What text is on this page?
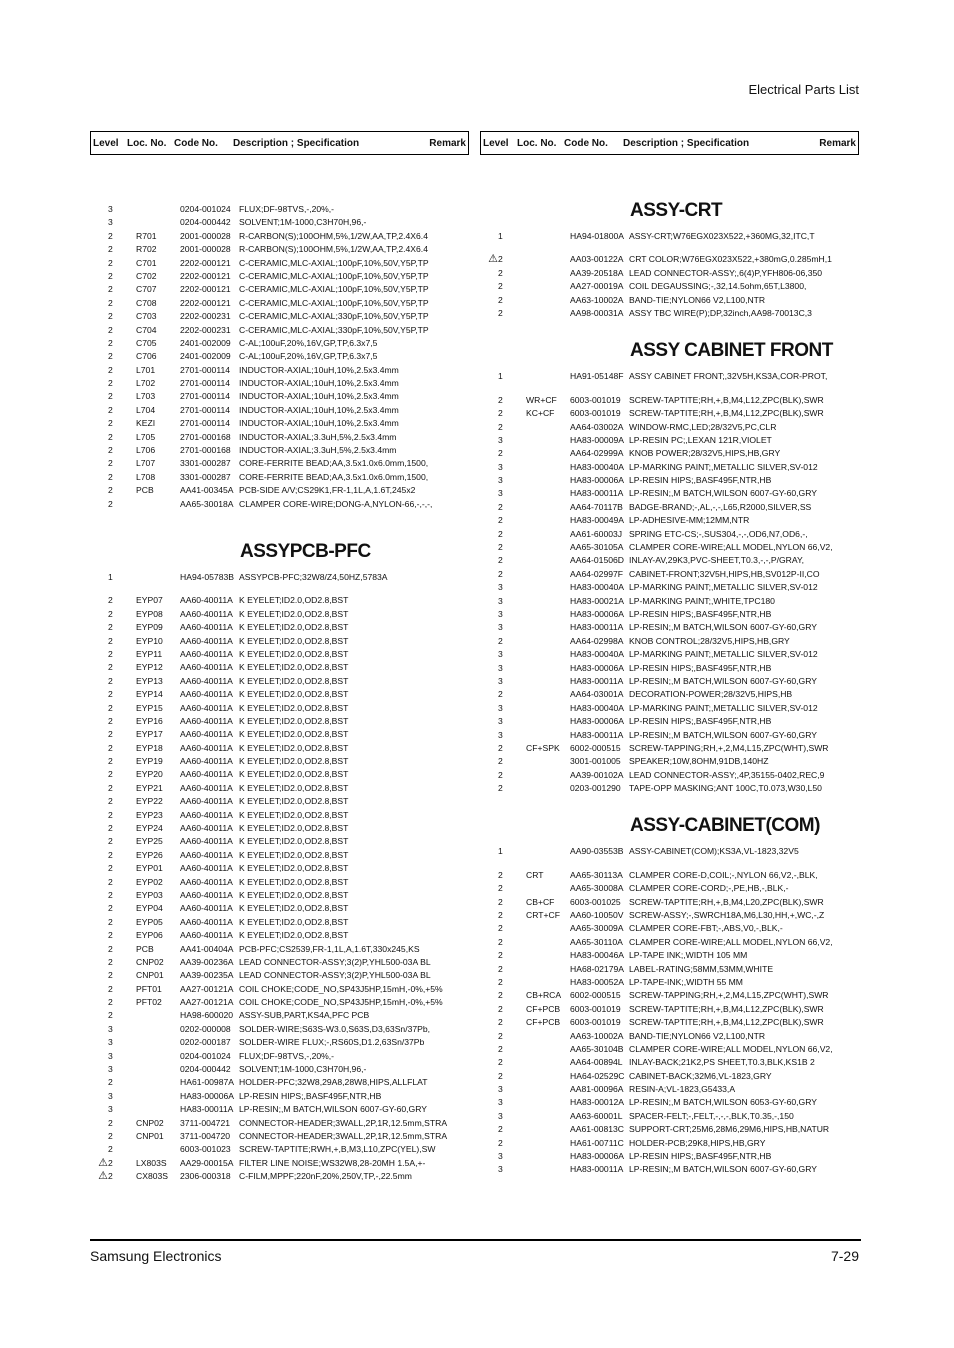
Electrical Parts List
Level Loc. No. Code No. Description ; Specification	Remark
3	0204-001024 FLUX;DF-98TVS,-,20%,-
3	0204-000442 SOLVENT;1M-1000,C3H70H,96,-
2	R701	2001-000028 R-CARBON(S);100OHM,5%,1/2W,AA,TP,2.4X6.4
2	R702	2001-000028 R-CARBON(S);100OHM,5%,1/2W,AA,TP,2.4X6.4
2	C701	2202-000121 C-CERAMIC,MLC-AXIAL;100pF,10%,50V,Y5P,TP
2	C702	2202-000121 C-CERAMIC,MLC-AXIAL;100pF,10%,50V,Y5P,TP
2	C707	2202-000121 C-CERAMIC,MLC-AXIAL;100pF,10%,50V,Y5P,TP
2	C708	2202-000121 C-CERAMIC,MLC-AXIAL;100pF,10%,50V,Y5P,TP
2	C703	2202-000231 C-CERAMIC,MLC-AXIAL;330pF,10%,50V,Y5P,TP
2	C704	2202-000231 C-CERAMIC,MLC-AXIAL;330pF,10%,50V,Y5P,TP
2	C705	2401-002009 C-AL;100uF,20%,16V,GP,TP,6.3x7,5
2	C706	2401-002009 C-AL;100uF,20%,16V,GP,TP,6.3x7,5
2	L701	2701-000114 INDUCTOR-AXIAL;10uH,10%,2.5x3.4mm
2	L702	2701-000114 INDUCTOR-AXIAL;10uH,10%,2.5x3.4mm
2	L703	2701-000114 INDUCTOR-AXIAL;10uH,10%,2.5x3.4mm
2	L704	2701-000114 INDUCTOR-AXIAL;10uH,10%,2.5x3.4mm
2	KEZI	2701-000114 INDUCTOR-AXIAL;10uH,10%,2.5x3.4mm
2	L705	2701-000168 INDUCTOR-AXIAL;3.3uH,5%,2.5x3.4mm
2	L706	2701-000168 INDUCTOR-AXIAL;3.3uH,5%,2.5x3.4mm
2	L707	3301-000287 CORE-FERRITE BEAD;AA,3.5x1.0x6.0mm,1500,
2	L708	3301-000287 CORE-FERRITE BEAD;AA,3.5x1.0x6.0mm,1500,
2	PCB	AA41-00345A PCB-SIDE A/V;CS29K1,FR-1,1L,A,1.6T,245x2
2	AA65-30018A CLAMPER CORE-WIRE;DONG-A,NYLON-66,-,-,-,
ASSYPCB-PFC
1	HA94-05783B ASSYPCB-PFC;32W8/Z4,50HZ,5783A
2	EYP07 AA60-40011A K EYELET;ID2.0,OD2.8,BST
2	EYP08 AA60-40011A K EYELET;ID2.0,OD2.8,BST
2	EYP09 AA60-40011A K EYELET;ID2.0,OD2.8,BST
2	EYP10 AA60-40011A K EYELET;ID2.0,OD2.8,BST
2	EYP11 AA60-40011A K EYELET;ID2.0,OD2.8,BST
2	EYP12 AA60-40011A K EYELET;ID2.0,OD2.8,BST
2	EYP13 AA60-40011A K EYELET;ID2.0,OD2.8,BST
2	EYP14 AA60-40011A K EYELET;ID2.0,OD2.8,BST
2	EYP15 AA60-40011A K EYELET;ID2.0,OD2.8,BST
2	EYP16 AA60-40011A K EYELET;ID2.0,OD2.8,BST
2	EYP17 AA60-40011A K EYELET;ID2.0,OD2.8,BST
2	EYP18 AA60-40011A K EYELET;ID2.0,OD2.8,BST
2	EYP19 AA60-40011A K EYELET;ID2.0,OD2.8,BST
2	EYP20 AA60-40011A K EYELET;ID2.0,OD2.8,BST
2	EYP21 AA60-40011A K EYELET;ID2.0,OD2.8,BST
2	EYP22 AA60-40011A K EYELET;ID2.0,OD2.8,BST
2	EYP23 AA60-40011A K EYELET;ID2.0,OD2.8,BST
2	EYP24 AA60-40011A K EYELET;ID2.0,OD2.8,BST
2	EYP25 AA60-40011A K EYELET;ID2.0,OD2.8,BST
2	EYP26 AA60-40011A K EYELET;ID2.0,OD2.8,BST
2	EYP01 AA60-40011A K EYELET;ID2.0,OD2.8,BST
2	EYP02 AA60-40011A K EYELET;ID2.0,OD2.8,BST
2	EYP03 AA60-40011A K EYELET;ID2.0,OD2.8,BST
2	EYP04 AA60-40011A K EYELET;ID2.0,OD2.8,BST
2	EYP05 AA60-40011A K EYELET;ID2.0,OD2.8,BST
2	EYP06 AA60-40011A K EYELET;ID2.0,OD2.8,BST
2	PCB	AA41-00404A PCB-PFC;CS2539,FR-1,1L,A,1.6T,330x245,KS
2	CNP02 AA39-00236A LEAD CONNECTOR-ASSY;3(2)P,YHL500-03A BL
2	CNP01 AA39-00235A LEAD CONNECTOR-ASSY;3(2)P,YHL500-03A BL
2	PFT01 AA27-00121A COIL CHOKE;CODE_NO,SP43J5HP,15mH,-0%,+5%
2	PFT02 AA27-00121A COIL CHOKE;CODE_NO,SP43J5HP,15mH,-0%,+5%
2	HA98-600020 ASSY-SUB,PART,KS4A,PFC PCB
3	0202-000008 SOLDER-WIRE;S63S-W3.0,S63S,D3,63Sn/37Pb,
3	0202-000187 SOLDER-WIRE FLUX;-,RS60S,D1.2,63Sn/37Pb
3	0204-001024 FLUX;DF-98TVS,-,20%,-
3	0204-000442 SOLVENT;1M-1000,C3H70H,96,-
2	HA61-00987A HOLDER-PFC;32W8,29A8,28W8,HIPS,ALLFLAT
3	HA83-00006A LP-RESIN HIPS;,BASF495F,NTR,HB
3	HA83-00011A LP-RESIN;,M BATCH,WILSON 6007-GY-60,GRY
2	CNP02 3711-004721 CONNECTOR-HEADER;3WALL,2P,1R,12.5mm,STRA
2	CNP01 3711-004720 CONNECTOR-HEADER;3WALL,2P,1R,12.5mm,STRA
2	6003-001023 SCREW-TAPTITE;RWH,+,B,M3,L10,ZPC(YEL),SW
⚠ 2	LX803S AA29-00015A FILTER LINE NOISE;WS32W8,28-20MH 1.5A,+-
⚠ 2	CX803S 2306-000318 C-FILM,MPPF;220nF,20%,250V,TP,-,22.5mm
Level Loc. No. Code No. Description ; Specification	Remark
ASSY-CRT
1	HA94-01800A ASSY-CRT;W76EGX023X522,+360MG,32,ITC,T
⚠ 2	AA03-00122A CRT COLOR;W76EGX023X522,+380mG,0.285mH,1
2	AA39-20518A LEAD CONNECTOR-ASSY;,6(4)P,YFH806-06,350
2	AA27-00019A COIL DEGAUSSING;-,32,14.5ohm,65T,L3800,
2	AA63-10002A BAND-TIE;NYLON66 V2,L100,NTR
2	AA98-00031A ASSY TBC WIRE(P);DP,32inch,AA98-70013C,3
ASSY CABINET FRONT
1	HA91-05148F ASSY CABINET FRONT;,32V5H,KS3A,COR-PROT,
2	WR+CF 6003-001019 SCREW-TAPTITE;RH,+,B,M4,L12,ZPC(BLK),SWR
2	KC+CF 6003-001019 SCREW-TAPTITE;RH,+,B,M4,L12,ZPC(BLK),SWR
2	AA64-03002A WINDOW-RMC,LED;28/32V5,PC,CLR
3	HA83-00009A LP-RESIN PC;,LEXAN 121R,VIOLET
2	AA64-02999A KNOB POWER;28/32V5,HIPS,HB,GRY
3	HA83-00040A LP-MARKING PAINT;,METALLIC SILVER,SV-012
3	HA83-00006A LP-RESIN HIPS;,BASF495F,NTR,HB
3	HA83-00011A LP-RESIN;,M BATCH,WILSON 6007-GY-60,GRY
2	AA64-70117B BADGE-BRAND;-,AL,-,-,L65,R2000,SILVER,SS
2	HA83-00049A LP-ADHESIVE-MM;12MM,NTR
2	AA61-60003J SPRING ETC-CS;-,SUS304,-,-,OD6,N7,OD6,-,
2	AA65-30105A CLAMPER CORE-WIRE;ALL MODEL,NYLON 66,V2,
2	AA64-01506D INLAY-AV,29K3,PVC-SHEET,T0.3,-,-,P/GRAY,
2	AA64-02997F CABINET-FRONT;32V5H,HIPS,HB,SV012P-II,CO
3	HA83-00040A LP-MARKING PAINT;,METALLIC SILVER,SV-012
3	HA83-00021A LP-MARKING PAINT;,WHITE,TPC180
3	HA83-00006A LP-RESIN HIPS;,BASF495F,NTR,HB
3	HA83-00011A LP-RESIN;,M BATCH,WILSON 6007-GY-60,GRY
2	AA64-02998A KNOB CONTROL;28/32V5,HIPS,HB,GRY
3	HA83-00040A LP-MARKING PAINT;,METALLIC SILVER,SV-012
3	HA83-00006A LP-RESIN HIPS;,BASF495F,NTR,HB
3	HA83-00011A LP-RESIN;,M BATCH,WILSON 6007-GY-60,GRY
2	AA64-03001A DECORATION-POWER;28/32V5,HIPS,HB
3	HA83-00040A LP-MARKING PAINT;,METALLIC SILVER,SV-012
3	HA83-00006A LP-RESIN HIPS;,BASF495F,NTR,HB
3	HA83-00011A LP-RESIN;,M BATCH,WILSON 6007-GY-60,GRY
2	CF+SPK 6002-000515 SCREW-TAPPING;RH,+,2,M4,L15,ZPC(WHT),SWR
2	3001-001005 SPEAKER;10W,8OHM,91DB,140HZ
2	AA39-00102A LEAD CONNECTOR-ASSY;,4P,35155-0402,REC,9
2	0203-001290 TAPE-OPP MASKING;ANT 100C,T0.073,W30,L50
ASSY-CABINET(COM)
1	AA90-03553B ASSY-CABINET(COM);KS3A,VL-1823,32V5
2	CRT	AA65-30113A CLAMPER CORE-D,COIL;-,NYLON 66,V2,-,BLK,
2	AA65-30008A CLAMPER CORE-CORD;-,PE,HB,-,BLK,-
2	CB+CF 6003-001025 SCREW-TAPTITE;RH,+,B,M4,L20,ZPC(BLK),SWR
2	CRT+CF AA60-10050V SCREW-ASSY;-,SWRCH18A,M6,L30,HH,+,WC,-,Z
2	AA65-30009A CLAMPER CORE-FBT;-,ABS,V0,-,BLK,-
2	AA65-30110A CLAMPER CORE-WIRE;ALL MODEL,NYLON 66,V2,
2	HA83-00046A LP-TAPE INK;,WIDTH 105 MM
2	HA68-02179A LABEL-RATING;58MM,53MM,WHITE
2	HA83-00052A LP-TAPE-INK;,WIDTH 55 MM
2	CB+RCA 6002-000515 SCREW-TAPPING;RH,+,2,M4,L15,ZPC(WHT),SWR
2	CF+PCB 6003-001019 SCREW-TAPTITE;RH,+,B,M4,L12,ZPC(BLK),SWR
2	CF+PCB 6003-001019 SCREW-TAPTITE;RH,+,B,M4,L12,ZPC(BLK),SWR
2	AA63-10002A BAND-TIE;NYLON66 V2,L100,NTR
2	AA65-30104B CLAMPER CORE-WIRE;ALL MODEL,NYLON 66,V2,
2	AA64-00894L INLAY-BACK;21K2,PS SHEET,T0.3,BLK,KS1B 2
2	HA64-02529C CABINET-BACK;32M6,VL-1823,GRY
3	AA81-00096A RESIN-A;VL-1823,G5433,A
3	HA83-00012A LP-RESIN;,M BATCH,WILSON 6053-GY-60,GRY
3	AA63-60001L SPACER-FELT;-,FELT,-,-,-,BLK,T0.35,-,150
2	AA61-00813C SUPPORT-CRT;25M6,28M6,29M6,HIPS,HB,NATUR
2	HA61-00711C HOLDER-PCB;29K8,HIPS,HB,GRY
3	HA83-00006A LP-RESIN HIPS;,BASF495F,NTR,HB
3	HA83-00011A LP-RESIN;,M BATCH,WILSON 6007-GY-60,GRY
Samsung Electronics	7-29
